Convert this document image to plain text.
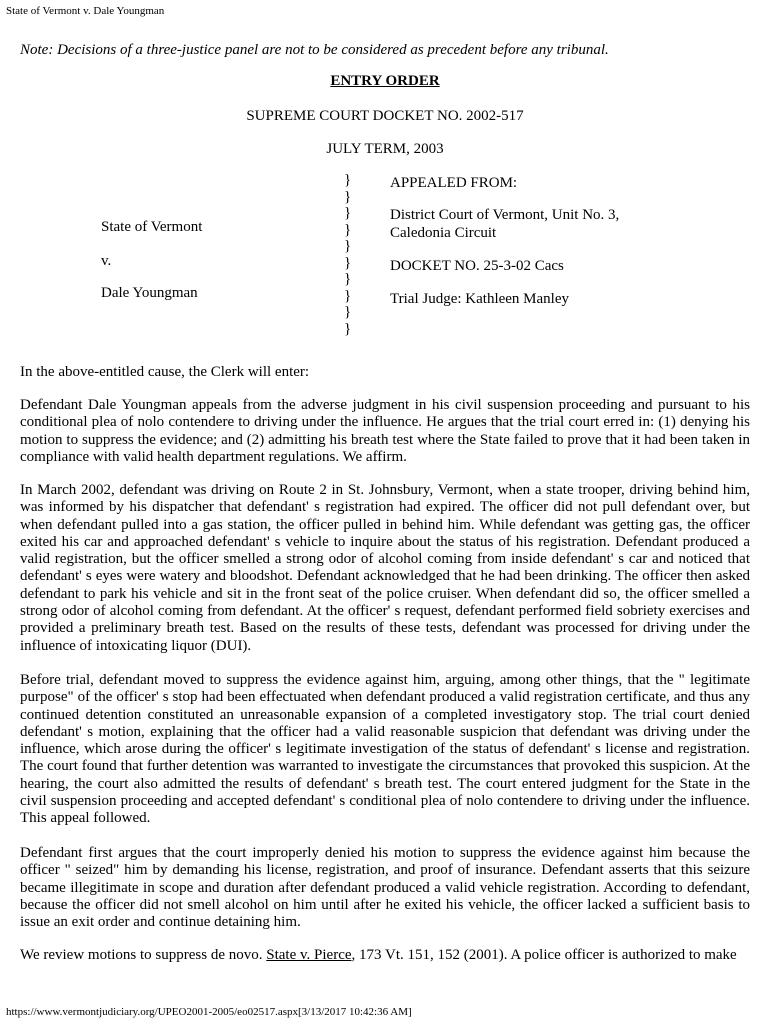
State of Vermont v. Dale Youngman
Note: Decisions of a three-justice panel are not to be considered as precedent before any tribunal.
ENTRY ORDER
SUPREME COURT DOCKET NO. 2002-517
JULY TERM, 2003
State of Vermont
v.
Dale Youngman
}
}
}
}
}
}
}
}
}
}
APPEALED FROM:
District Court of Vermont, Unit No. 3,
Caledonia Circuit
DOCKET NO. 25-3-02 Cacs
Trial Judge: Kathleen Manley

In the above-entitled cause, the Clerk will enter:

Defendant Dale Youngman appeals from the adverse judgment in his civil suspension proceeding and pursuant to his conditional plea of nolo contendere to driving under the influence. He argues that the trial court erred in: (1) denying his motion to suppress the evidence; and (2) admitting his breath test where the State failed to prove that it had been taken in compliance with valid health department regulations. We affirm.

In March 2002, defendant was driving on Route 2 in St. Johnsbury, Vermont, when a state trooper, driving behind him, was informed by his dispatcher that defendant' s registration had expired. The officer did not pull defendant over, but when defendant pulled into a gas station, the officer pulled in behind him. While defendant was getting gas, the officer exited his car and approached defendant' s vehicle to inquire about the status of his registration. Defendant produced a valid registration, but the officer smelled a strong odor of alcohol coming from inside defendant' s car and noticed that defendant' s eyes were watery and bloodshot. Defendant acknowledged that he had been drinking. The officer then asked defendant to park his vehicle and sit in the front seat of the police cruiser. When defendant did so, the officer smelled a strong odor of alcohol coming from defendant. At the officer' s request, defendant performed field sobriety exercises and provided a preliminary breath test. Based on the results of these tests, defendant was processed for driving under the influence of intoxicating liquor (DUI).

Before trial, defendant moved to suppress the evidence against him, arguing, among other things, that the " legitimate purpose" of the officer' s stop had been effectuated when defendant produced a valid registration certificate, and thus any continued detention constituted an unreasonable expansion of a completed investigatory stop. The trial court denied defendant' s motion, explaining that the officer had a valid reasonable suspicion that defendant was driving under the influence, which arose during the officer' s legitimate investigation of the status of defendant' s license and registration. The court found that further detention was warranted to investigate the circumstances that provoked this suspicion. At the hearing, the court also admitted the results of defendant' s breath test. The court entered judgment for the State in the civil suspension proceeding and accepted defendant' s conditional plea of nolo contendere to driving under the influence. This appeal followed.

Defendant first argues that the court improperly denied his motion to suppress the evidence against him because the officer " seized" him by demanding his license, registration, and proof of insurance. Defendant asserts that this seizure became illegitimate in scope and duration after defendant produced a valid vehicle registration. According to defendant, because the officer did not smell alcohol on him until after he exited his vehicle, the officer lacked a sufficient basis to issue an exit order and continue detaining him.

We review motions to suppress de novo. State v. Pierce, 173 Vt. 151, 152 (2001). A police officer is authorized to make

https://www.vermontjudiciary.org/UPEO2001-2005/eo02517.aspx[3/13/2017 10:42:36 AM]
